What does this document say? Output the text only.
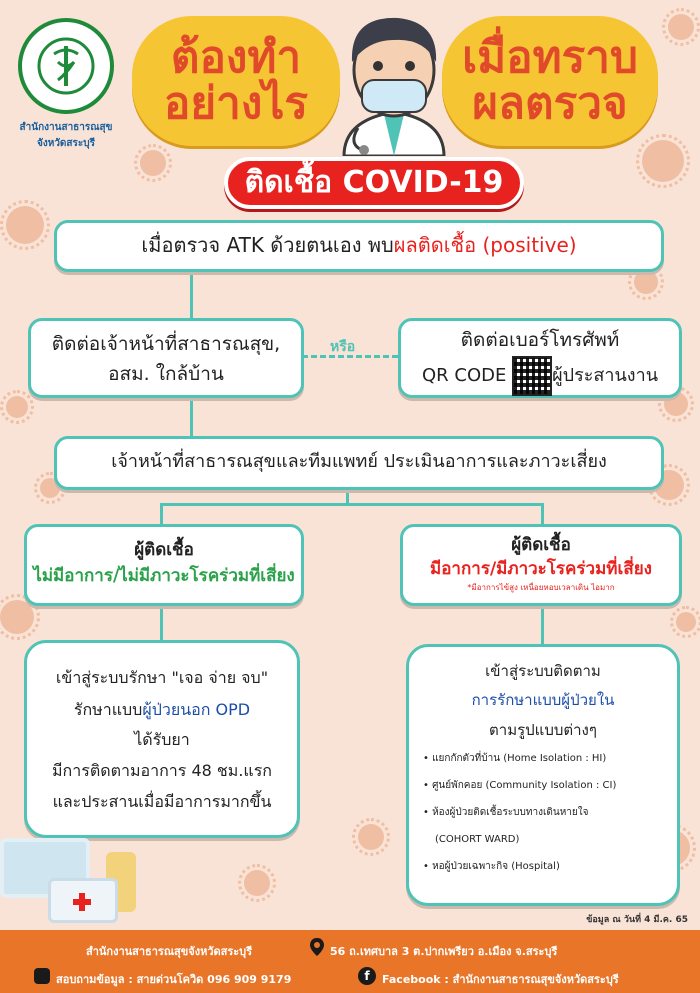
สำนักงานสาธารณสุข
จังหวัดสระบุรี
ต้องทำ
อย่างไร
เมื่อทราบ
ผลตรวจ
ติดเชื้อ COVID-19
เมื่อตรวจ ATK ด้วยตนเอง พบผลติดเชื้อ (positive)
ติดต่อเจ้าหน้าที่สาธารณสุข,
อสม. ใกล้บ้าน
หรือ	ติดต่อเบอร์โทรศัพท์
QR CODE	ผู้ประสานงาน
เจ้าหน้าที่สาธารณสุขและทีมแพทย์ ประเมินอาการและภาวะเสี่ยง
ผู้ติดเชื้อ
ไม่มีอาการ/ไม่มีภาวะโรคร่วมที่เสี่ยง
ผู้ติดเชื้อ
มีอาการ/มีภาวะโรคร่วมที่เสี่ยง
*มีอาการไข้สูง เหนื่อยหอบเวลาเดิน ไอมาก
เข้าสู่ระบบรักษา "เจอ จ่าย จบ"
รักษาแบบผู้ป่วยนอก OPD
ได้รับยา
มีการติดตามอาการ 48 ชม.แรก
และประสานเมื่อมีอาการมากขึ้น
เข้าสู่ระบบติดตาม
การรักษาแบบผู้ป่วยใน
ตามรูปแบบต่างๆ
• แยกกักตัวที่บ้าน (Home Isolation : HI)
• ศูนย์พักคอย (Community Isolation : CI)
• ห้องผู้ป่วยติดเชื้อระบบทางเดินหายใจ
(COHORT WARD)
• หอผู้ป่วยเฉพาะกิจ (Hospital)
ข้อมูล ณ วันที่ 4 มี.ค. 65
สำนักงานสาธารณสุขจังหวัดสระบุรี	56 ถ.เทศบาล 3 ต.ปากเพรียว อ.เมือง จ.สระบุรี
สอบถามข้อมูล : สายด่วนโควิด 096 909 9179	f	Facebook : สำนักงานสาธารณสุขจังหวัดสระบุรี
